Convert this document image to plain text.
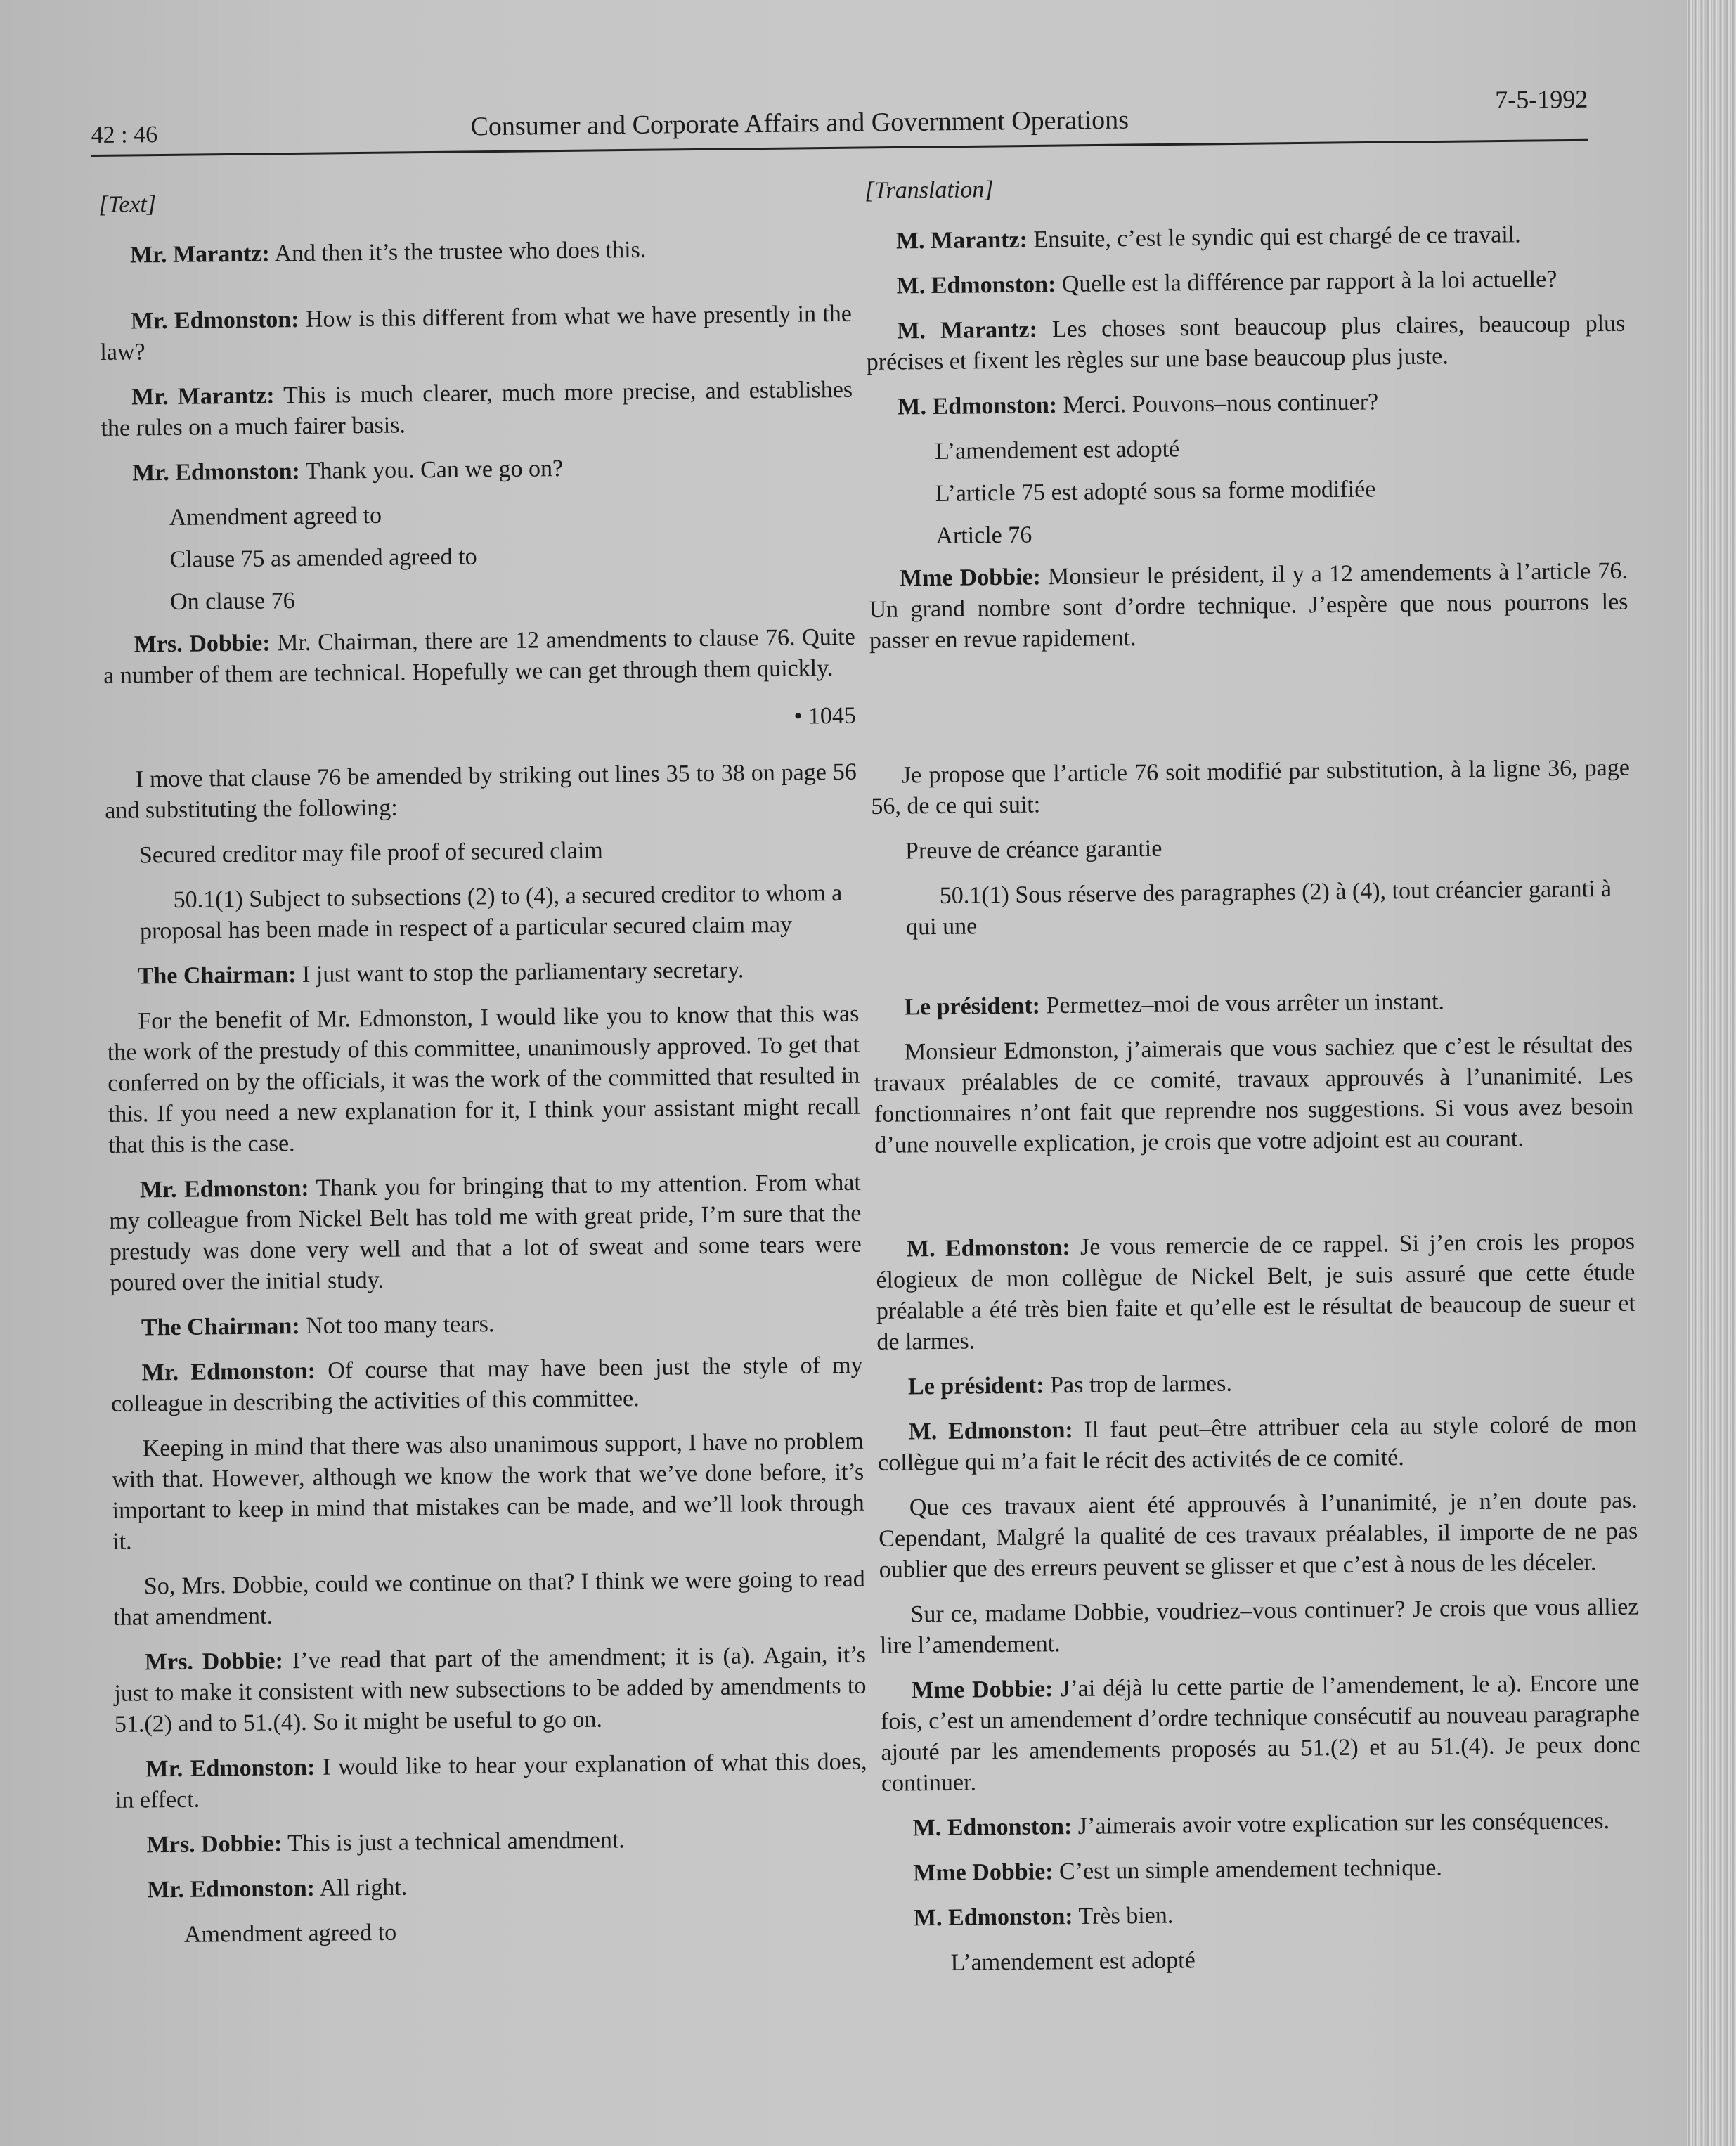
42 : 46	Consumer and Corporate Affairs and Government Operations
7-5-1992

[Text]

Mr. Marantz: And then it’s the trustee who does this.

Mr. Edmonston: How is this different from what we have presently in the law?

Mr. Marantz: This is much clearer, much more precise, and establishes the rules on a much fairer basis.

Mr. Edmonston: Thank you. Can we go on?

Amendment agreed to

Clause 75 as amended agreed to

On clause 76

Mrs. Dobbie: Mr. Chairman, there are 12 amendments to clause 76. Quite a number of them are technical. Hopefully we can get through them quickly.

• 1045

I move that clause 76 be amended by striking out lines 35 to 38 on page 56 and substituting the following:

Secured creditor may file proof of secured claim

50.1(1) Subject to subsections (2) to (4), a secured creditor to whom a proposal has been made in respect of a particular secured claim may

The Chairman: I just want to stop the parliamentary secretary.

For the benefit of Mr. Edmonston, I would like you to know that this was the work of the prestudy of this committee, unanimously approved. To get that conferred on by the officials, it was the work of the committed that resulted in this. If you need a new explanation for it, I think your assistant might recall that this is the case.

Mr. Edmonston: Thank you for bringing that to my attention. From what my colleague from Nickel Belt has told me with great pride, I’m sure that the prestudy was done very well and that a lot of sweat and some tears were poured over the initial study.

The Chairman: Not too many tears.

Mr. Edmonston: Of course that may have been just the style of my colleague in describing the activities of this committee.

Keeping in mind that there was also unanimous support, I have no problem with that. However, although we know the work that we’ve done before, it’s important to keep in mind that mistakes can be made, and we’ll look through it.

So, Mrs. Dobbie, could we continue on that? I think we were going to read that amendment.

Mrs. Dobbie: I’ve read that part of the amendment; it is (a). Again, it’s just to make it consistent with new subsections to be added by amendments to 51.(2) and to 51.(4). So it might be useful to go on.

Mr. Edmonston: I would like to hear your explanation of what this does, in effect.

Mrs. Dobbie: This is just a technical amendment.

Mr. Edmonston: All right.

Amendment agreed to

[Translation]

M. Marantz: Ensuite, c’est le syndic qui est chargé de ce travail.

M. Edmonston: Quelle est la différence par rapport à la loi actuelle?

M. Marantz: Les choses sont beaucoup plus claires, beaucoup plus précises et fixent les règles sur une base beaucoup plus juste.

M. Edmonston: Merci. Pouvons–nous continuer?

L’amendement est adopté

L’article 75 est adopté sous sa forme modifiée

Article 76

Mme Dobbie: Monsieur le président, il y a 12 amendements à l’article 76. Un grand nombre sont d’ordre technique. J’espère que nous pourrons les passer en revue rapidement.

Je propose que l’article 76 soit modifié par substitution, à la ligne 36, page 56, de ce qui suit:

Preuve de créance garantie

50.1(1) Sous réserve des paragraphes (2) à (4), tout créancier garanti à qui une

Le président: Permettez–moi de vous arrêter un instant.

Monsieur Edmonston, j’aimerais que vous sachiez que c’est le résultat des travaux préalables de ce comité, travaux approuvés à l’unanimité. Les fonctionnaires n’ont fait que reprendre nos suggestions. Si vous avez besoin d’une nouvelle explication, je crois que votre adjoint est au courant.

M. Edmonston: Je vous remercie de ce rappel. Si j’en crois les propos élogieux de mon collègue de Nickel Belt, je suis assuré que cette étude préalable a été très bien faite et qu’elle est le résultat de beaucoup de sueur et de larmes.

Le président: Pas trop de larmes.

M. Edmonston: Il faut peut–être attribuer cela au style coloré de mon collègue qui m’a fait le récit des activités de ce comité.

Que ces travaux aient été approuvés à l’unanimité, je n’en doute pas. Cependant, Malgré la qualité de ces travaux préalables, il importe de ne pas oublier que des erreurs peuvent se glisser et que c’est à nous de les déceler.

Sur ce, madame Dobbie, voudriez–vous continuer? Je crois que vous alliez lire l’amendement.

Mme Dobbie: J’ai déjà lu cette partie de l’amendement, le a). Encore une fois, c’est un amendement d’ordre technique consécutif au nouveau paragraphe ajouté par les amendements proposés au 51.(2) et au 51.(4). Je peux donc continuer.

M. Edmonston: J’aimerais avoir votre explication sur les conséquences.

Mme Dobbie: C’est un simple amendement technique.

M. Edmonston: Très bien.

L’amendement est adopté
